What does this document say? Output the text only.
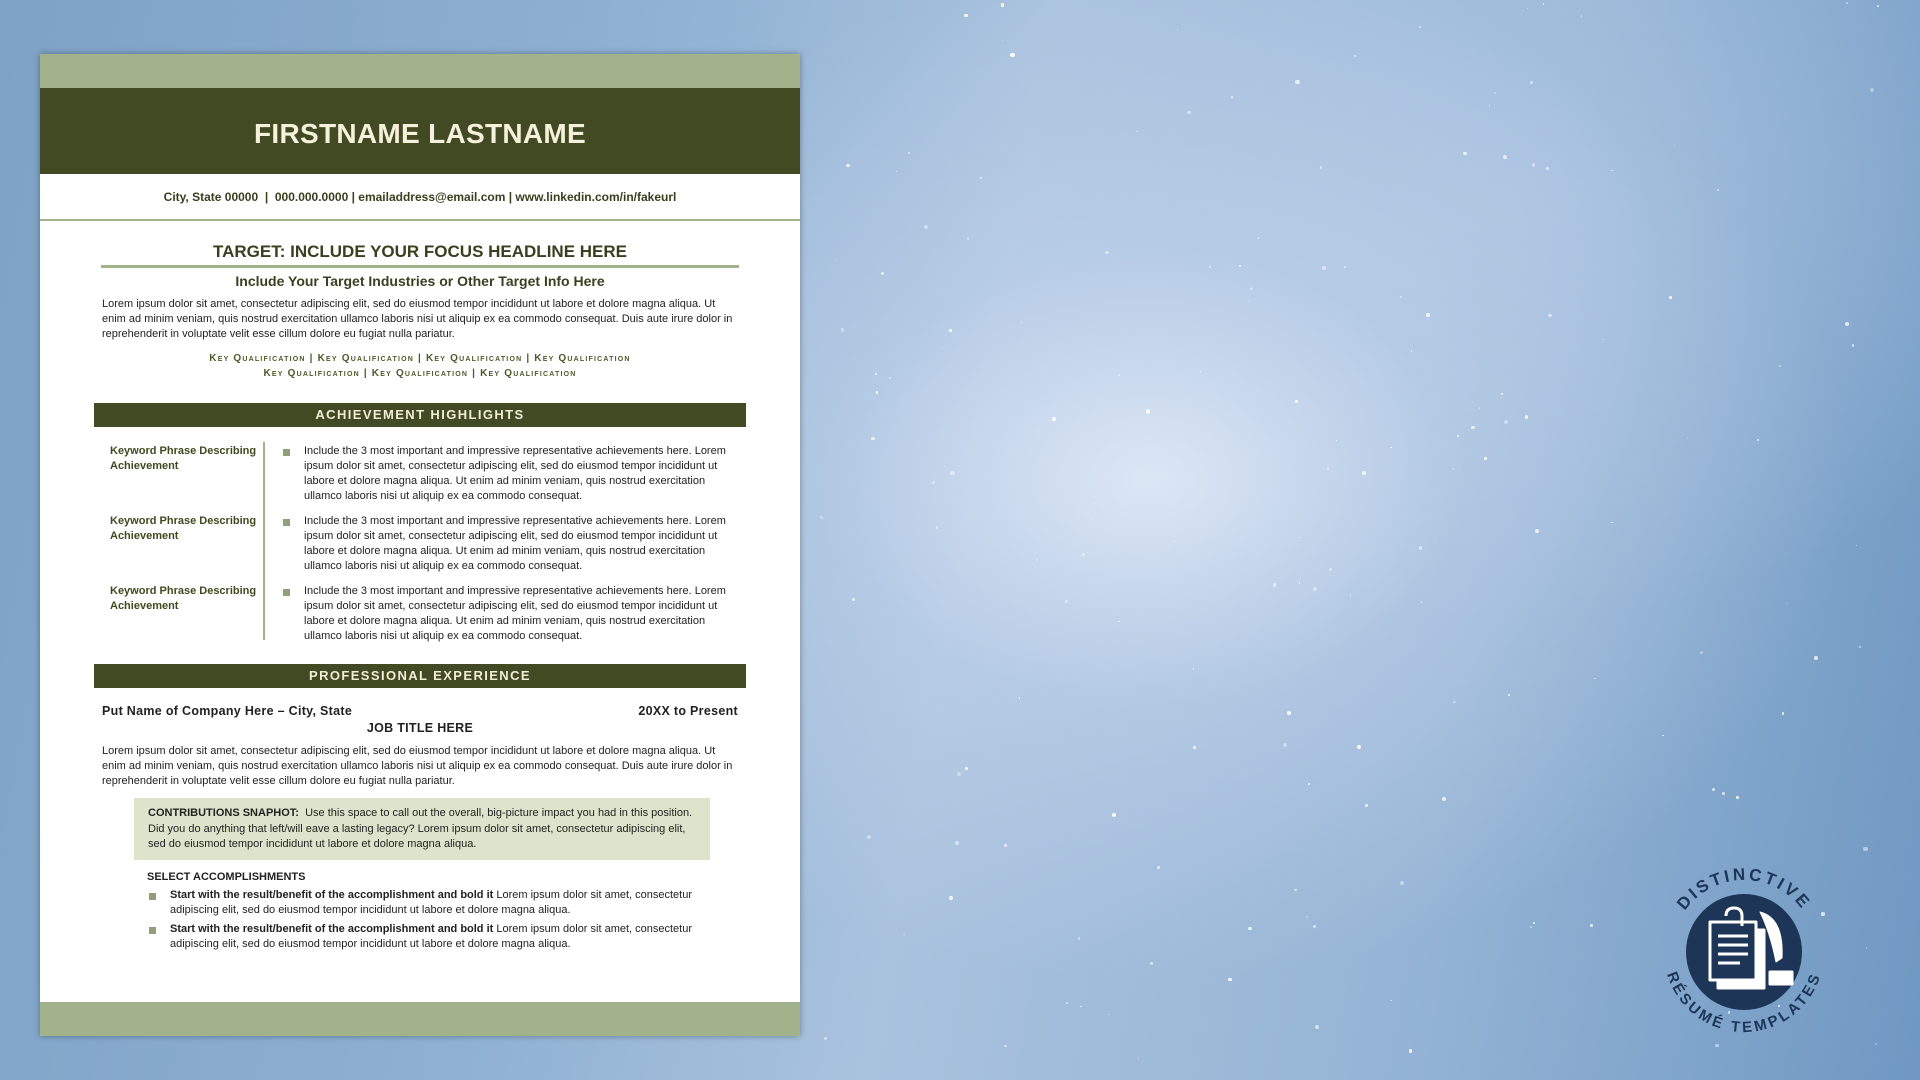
FIRSTNAME LASTNAME
City, State 00000  |  000.000.0000 | emailaddress@email.com | www.linkedin.com/in/fakeurl
TARGET: INCLUDE YOUR FOCUS HEADLINE HERE
Include Your Target Industries or Other Target Info Here
Lorem ipsum dolor sit amet, consectetur adipiscing elit, sed do eiusmod tempor incididunt ut labore et dolore magna aliqua. Ut enim ad minim veniam, quis nostrud exercitation ullamco laboris nisi ut aliquip ex ea commodo consequat. Duis aute irure dolor in reprehenderit in voluptate velit esse cillum dolore eu fugiat nulla pariatur.
Key Qualification | Key Qualification | Key Qualification | Key Qualification
Key Qualification | Key Qualification | Key Qualification
ACHIEVEMENT HIGHLIGHTS
Keyword Phrase Describing Achievement
Include the 3 most important and impressive representative achievements here. Lorem ipsum dolor sit amet, consectetur adipiscing elit, sed do eiusmod tempor incididunt ut labore et dolore magna aliqua. Ut enim ad minim veniam, quis nostrud exercitation ullamco laboris nisi ut aliquip ex ea commodo consequat.
Keyword Phrase Describing Achievement
Include the 3 most important and impressive representative achievements here. Lorem ipsum dolor sit amet, consectetur adipiscing elit, sed do eiusmod tempor incididunt ut labore et dolore magna aliqua. Ut enim ad minim veniam, quis nostrud exercitation ullamco laboris nisi ut aliquip ex ea commodo consequat.
Keyword Phrase Describing Achievement
Include the 3 most important and impressive representative achievements here. Lorem ipsum dolor sit amet, consectetur adipiscing elit, sed do eiusmod tempor incididunt ut labore et dolore magna aliqua. Ut enim ad minim veniam, quis nostrud exercitation ullamco laboris nisi ut aliquip ex ea commodo consequat.
PROFESSIONAL EXPERIENCE
Put Name of Company Here – City, State	20XX to Present
JOB TITLE HERE
Lorem ipsum dolor sit amet, consectetur adipiscing elit, sed do eiusmod tempor incididunt ut labore et dolore magna aliqua. Ut enim ad minim veniam, quis nostrud exercitation ullamco laboris nisi ut aliquip ex ea commodo consequat. Duis aute irure dolor in reprehenderit in voluptate velit esse cillum dolore eu fugiat nulla pariatur.
CONTRIBUTIONS SNAPHOT: Use this space to call out the overall, big-picture impact you had in this position. Did you do anything that left/will eave a lasting legacy? Lorem ipsum dolor sit amet, consectetur adipiscing elit, sed do eiusmod tempor incididunt ut labore et dolore magna aliqua.
SELECT ACCOMPLISHMENTS
Start with the result/benefit of the accomplishment and bold it Lorem ipsum dolor sit amet, consectetur adipiscing elit, sed do eiusmod tempor incididunt ut labore et dolore magna aliqua.
Start with the result/benefit of the accomplishment and bold it Lorem ipsum dolor sit amet, consectetur adipiscing elit, sed do eiusmod tempor incididunt ut labore et dolore magna aliqua.
DISTINCTIVE
RÉSUMÉ TEMPLATES
